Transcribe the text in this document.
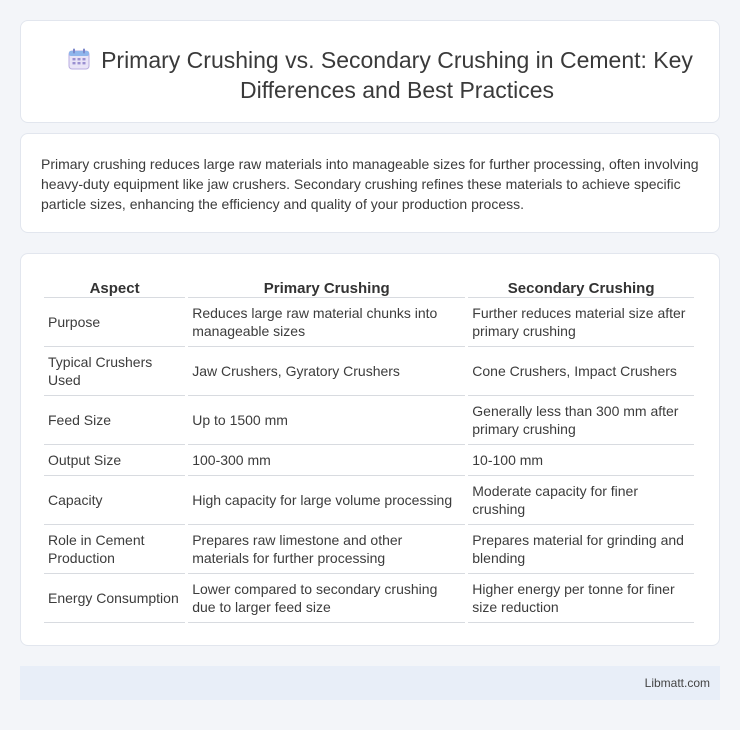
Primary Crushing vs. Secondary Crushing in Cement: Key Differences and Best Practices

Primary crushing reduces large raw materials into manageable sizes for further processing, often involving heavy-duty equipment like jaw crushers. Secondary crushing refines these materials to achieve specific particle sizes, enhancing the efficiency and quality of your production process.

Aspect	Primary Crushing	Secondary Crushing
Purpose	Reduces large raw material chunks into manageable sizes	Further reduces material size after primary crushing
Typical Crushers Used	Jaw Crushers, Gyratory Crushers	Cone Crushers, Impact Crushers
Feed Size	Up to 1500 mm	Generally less than 300 mm after primary crushing
Output Size	100-300 mm	10-100 mm
Capacity	High capacity for large volume processing	Moderate capacity for finer crushing
Role in Cement Production	Prepares raw limestone and other materials for further processing	Prepares material for grinding and blending
Energy Consumption	Lower compared to secondary crushing due to larger feed size	Higher energy per tonne for finer size reduction
Libmatt.com
